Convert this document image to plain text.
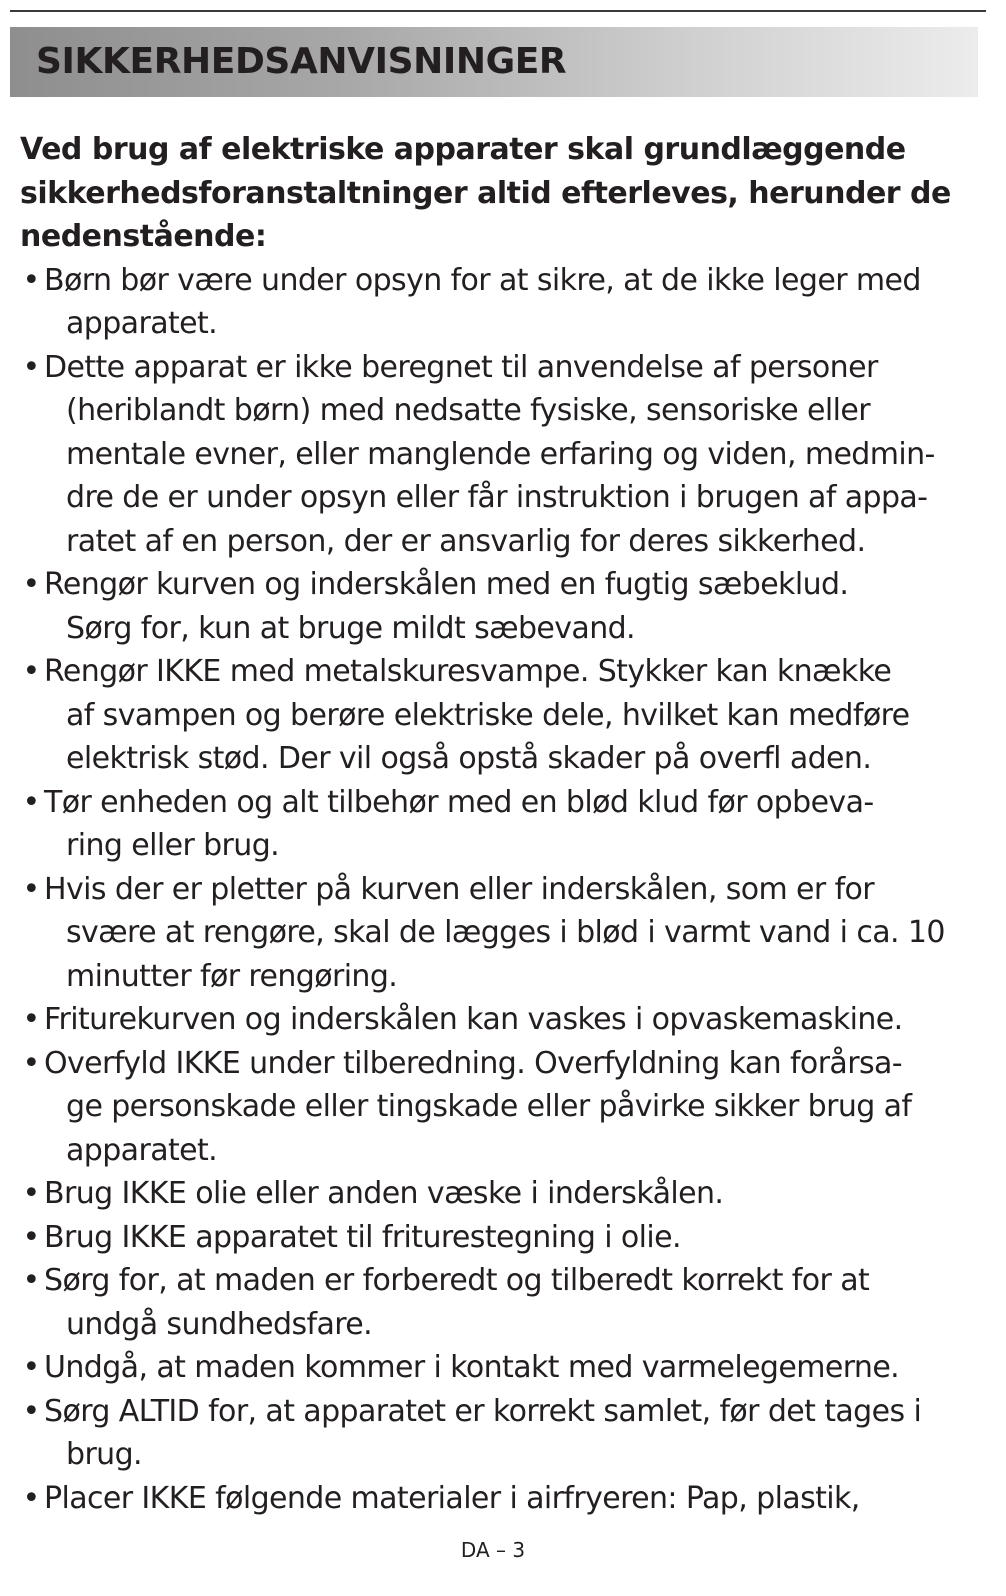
SIKKERHEDSANVISNINGER

Ved brug af elektriske apparater skal grundlæggende sikkerhedsforanstaltninger altid efterleves, herunder de nedenstående:

• Børn bør være under opsyn for at sikre, at de ikke leger med
apparatet.
• Dette apparat er ikke beregnet til anvendelse af personer
(heriblandt børn) med nedsatte fysiske, sensoriske eller mentale evner, eller manglende erfaring og viden, medmin-dre de er under opsyn eller får instruktion i brugen af appa-ratet af en person, der er ansvarlig for deres sikkerhed.
• Rengør kurven og inderskålen med en fugtig sæbeklud.
Sørg for, kun at bruge mildt sæbevand.
• Rengør IKKE med metalskuresvampe. Stykker kan knække
af svampen og berøre elektriske dele, hvilket kan medføre elektrisk stød. Der vil også opstå skader på overfl aden.
• Tør enheden og alt tilbehør med en blød klud før opbeva-
ring eller brug.
• Hvis der er pletter på kurven eller inderskålen, som er for
svære at rengøre, skal de lægges i blød i varmt vand i ca. 10 minutter før rengøring.
• Friturekurven og inderskålen kan vaskes i opvaskemaskine.
• Overfyld IKKE under tilberedning. Overfyldning kan forårsa-
ge personskade eller tingskade eller påvirke sikker brug af apparatet.
• Brug IKKE olie eller anden væske i inderskålen.
• Brug IKKE apparatet til friturestegning i olie.
• Sørg for, at maden er forberedt og tilberedt korrekt for at
undgå sundhedsfare.
• Undgå, at maden kommer i kontakt med varmelegemerne.
• Sørg ALTID for, at apparatet er korrekt samlet, før det tages i
brug.
• Placer IKKE følgende materialer i airfryeren: Pap, plastik,
DA – 3
